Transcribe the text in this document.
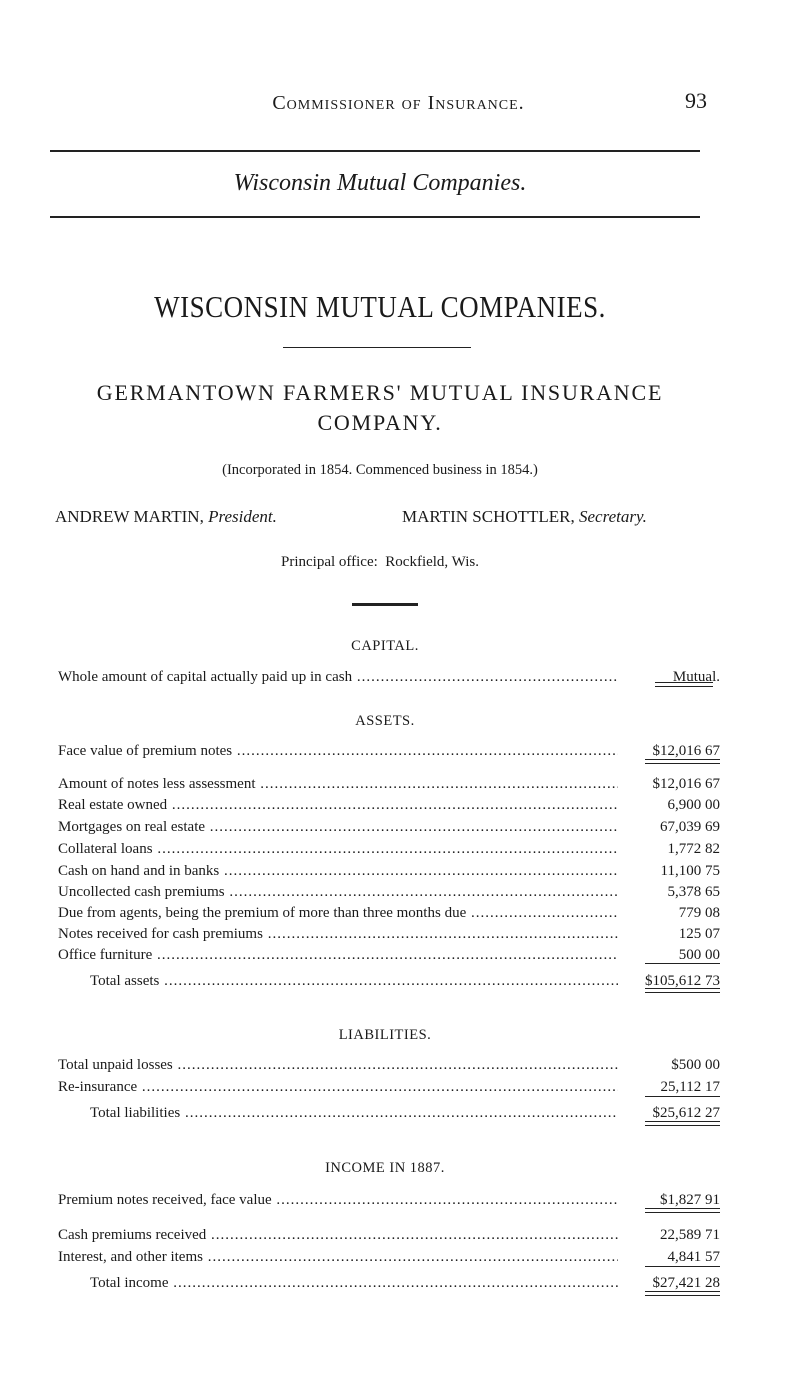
Commissioner of Insurance.	93
Wisconsin Mutual Companies.
WISCONSIN MUTUAL COMPANIES.
GERMANTOWN FARMERS' MUTUAL INSURANCE
COMPANY.
(Incorporated in 1854. Commenced business in 1854.)
ANDREW MARTIN, President.	MARTIN SCHOTTLER, Secretary.
Principal office: Rockfield, Wis.
CAPITAL.
Whole amount of capital actually paid up in cash .....	Mutual.
ASSETS.
Face value of premium notes .....	$12,016 67
Amount of notes less assessment .....	$12,016 67
Real estate owned .....	6,900 00
Mortgages on real estate .....	67,039 69
Collateral loans .....	1,772 82
Cash on hand and in banks .....	11,100 75
Uncollected cash premiums .....	5,378 65
Due from agents, being the premium of more than three months due .....	779 08
Notes received for cash premiums .....	125 07
Office furniture .....	500 00
Total assets .....	$105,612 73
LIABILITIES.
Total unpaid losses .....	$500 00
Re-insurance .....	25,112 17
Total liabilities .....	$25,612 27
INCOME IN 1887.
Premium notes received, face value .....	$1,827 91
Cash premiums received .....	22,589 71
Interest, and other items .....	4,841 57
Total income .....	$27,421 28
